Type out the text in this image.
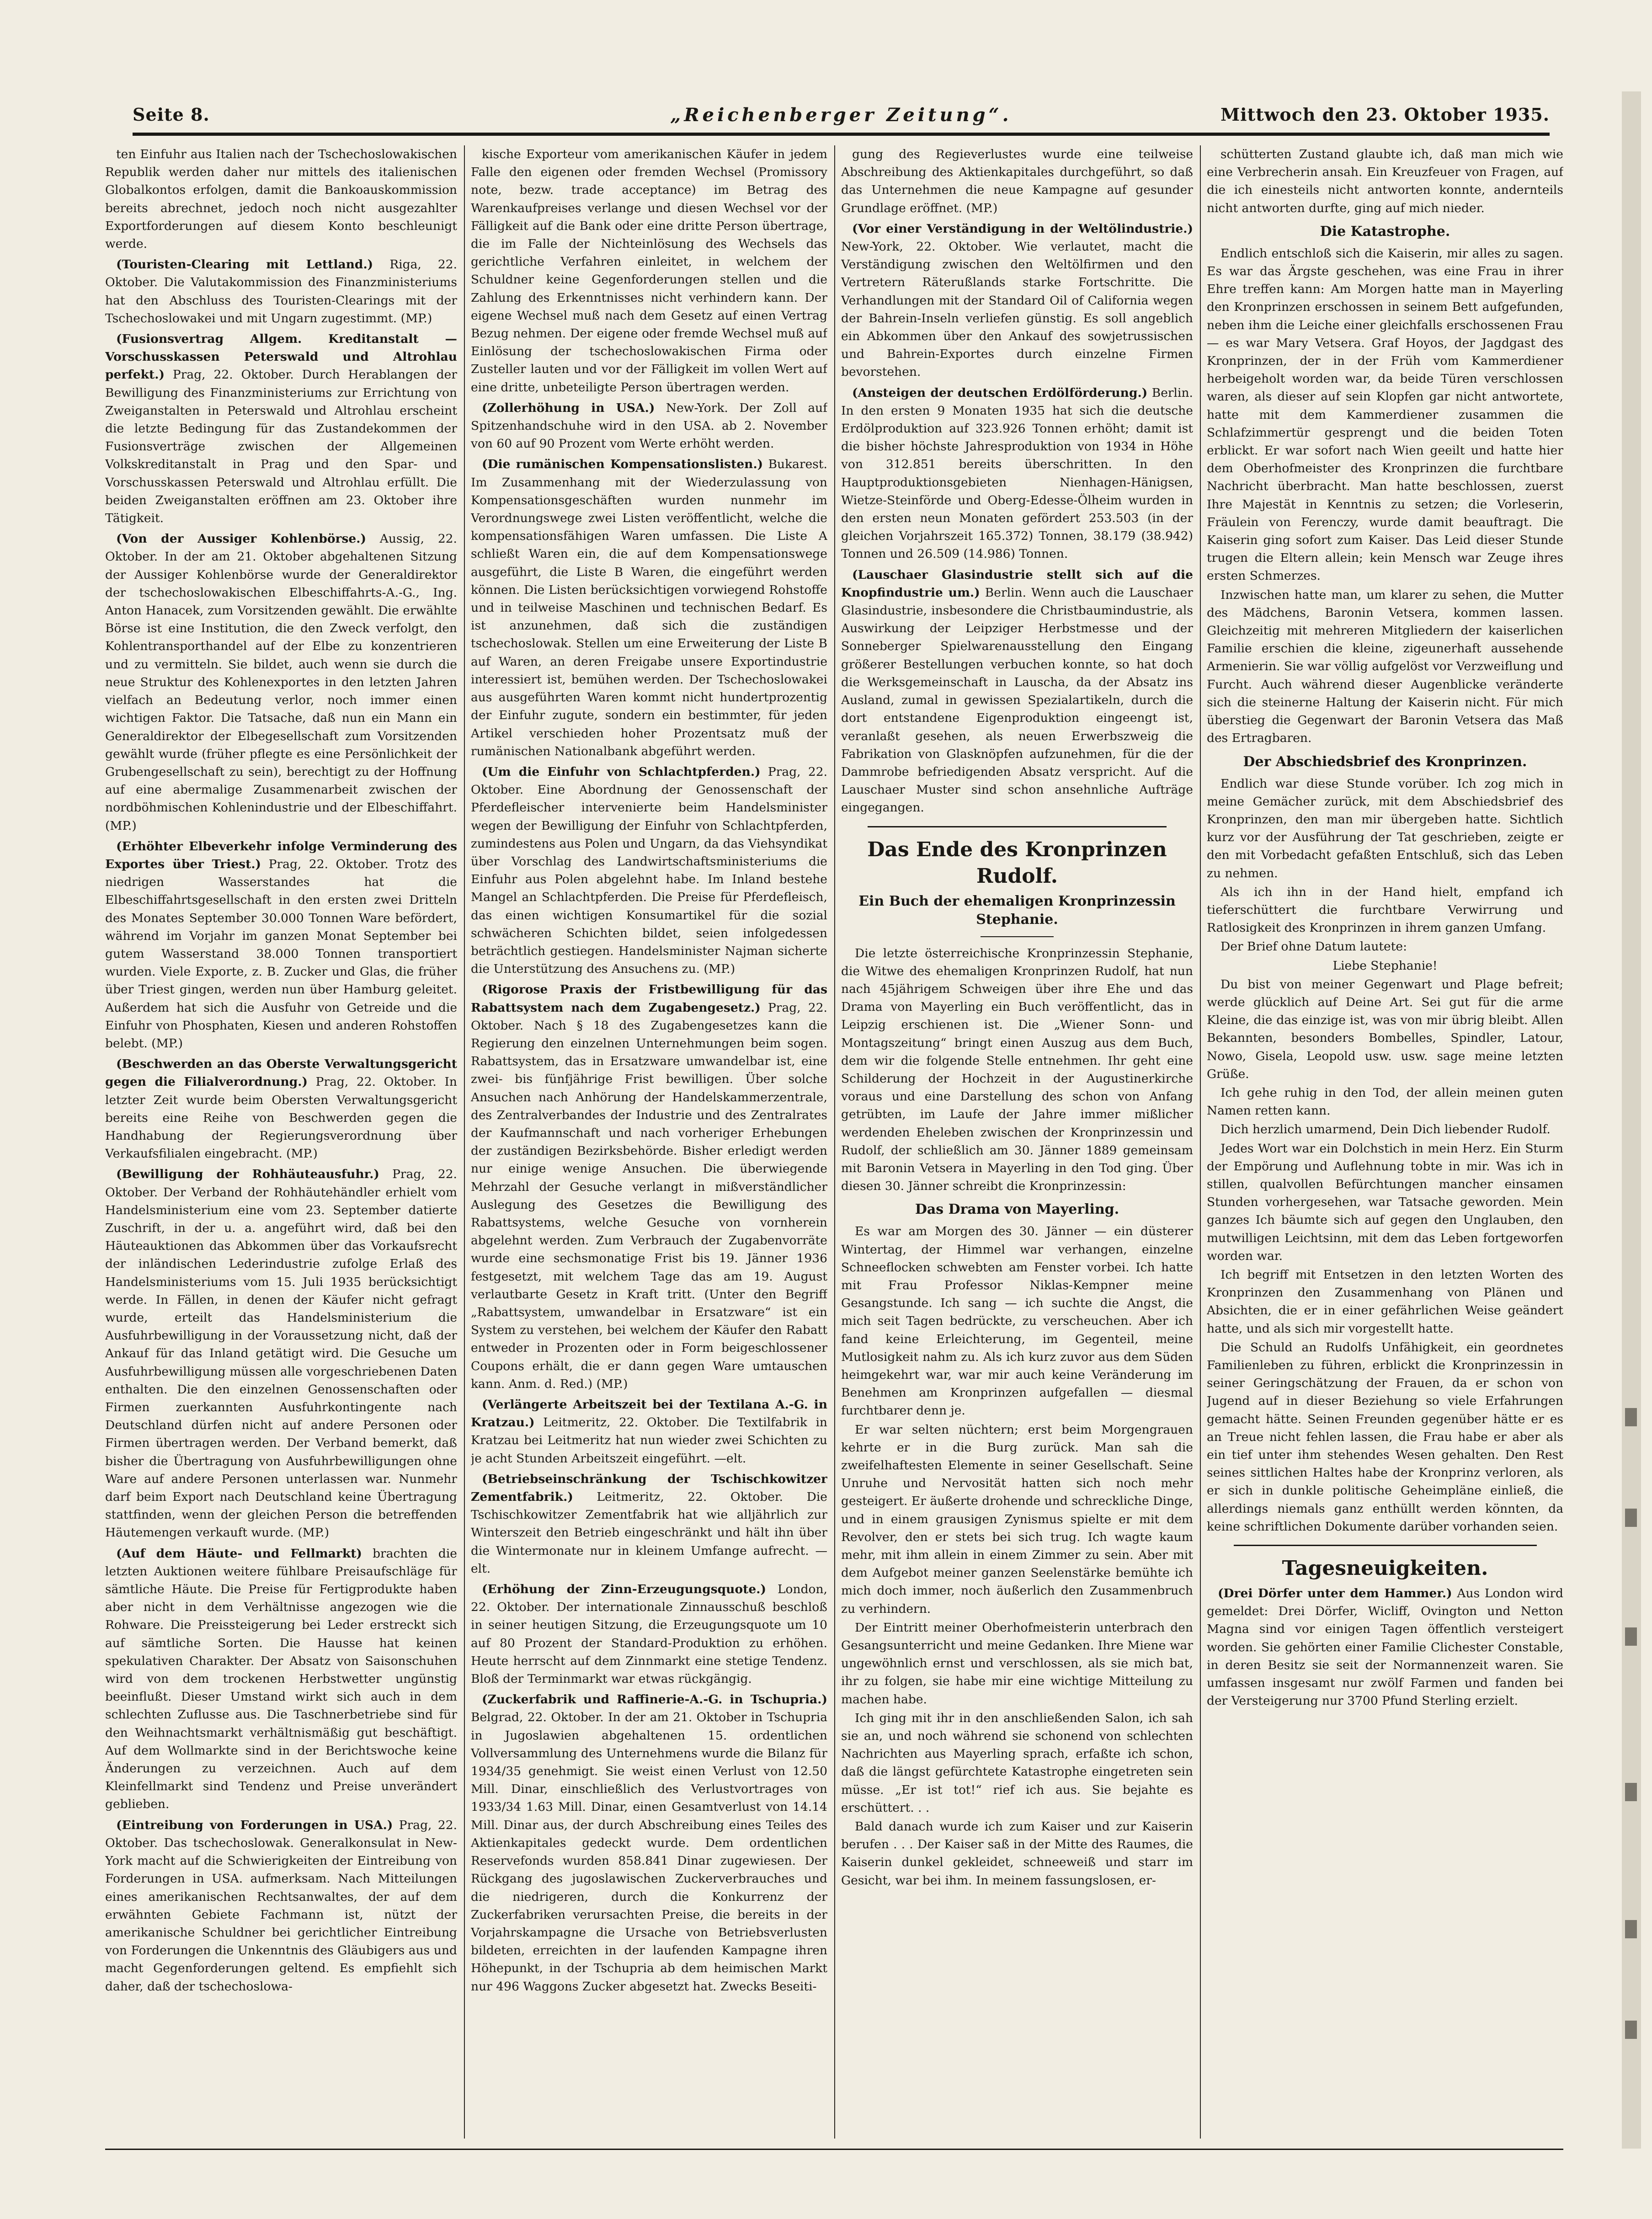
Seite 8.	„Reichenberger Zeitung“.	Mittwoch den 23. Oktober 1935.

ten Einfuhr aus Italien nach der Tschechoslowakischen Republik werden daher nur mittels des italienischen Globalkontos erfolgen, damit die Bankoauskommission bereits abrechnet, jedoch noch nicht ausgezahlter Exportforderungen auf diesem Konto beschleunigt werde.

(Touristen-Clearing mit Lettland.) Riga, 22. Oktober. Die Valutakommission des Finanzministeriums hat den Abschluss des Touristen-Clearings mit der Tschechoslowakei und mit Ungarn zugestimmt. (MP.)

(Fusionsvertrag Allgem. Kreditanstalt — Vorschusskassen Peterswald und Altrohlau perfekt.) Prag, 22. Oktober. Durch Herablangen der Bewilligung des Finanzministeriums zur Errichtung von Zweiganstalten in Peterswald und Altrohlau erscheint die letzte Bedingung für das Zustandekommen der Fusionsverträge zwischen der Allgemeinen Volkskreditanstalt in Prag und den Spar- und Vorschusskassen Peterswald und Altrohlau erfüllt. Die beiden Zweiganstalten eröffnen am 23. Oktober ihre Tätigkeit.

(Von der Aussiger Kohlenbörse.) Aussig, 22. Oktober. In der am 21. Oktober abgehaltenen Sitzung der Aussiger Kohlenbörse wurde der Generaldirektor der tschechoslowakischen Elbeschiffahrts-A.-G., Ing. Anton Hanacek, zum Vorsitzenden gewählt. Die erwählte Börse ist eine Institution, die den Zweck verfolgt, den Kohlentransporthandel auf der Elbe zu konzentrieren und zu vermitteln. Sie bildet, auch wenn sie durch die neue Struktur des Kohlenexportes in den letzten Jahren vielfach an Bedeutung verlor, noch immer einen wichtigen Faktor. Die Tatsache, daß nun ein Mann ein Generaldirektor der Elbegesellschaft zum Vorsitzenden gewählt wurde (früher pflegte es eine Persönlichkeit der Grubengesellschaft zu sein), berechtigt zu der Hoffnung auf eine abermalige Zusammenarbeit zwischen der nordböhmischen Kohlenindustrie und der Elbeschiffahrt. (MP.)

(Erhöhter Elbeverkehr infolge Verminderung des Exportes über Triest.) Prag, 22. Oktober. Trotz des niedrigen Wasserstandes hat die Elbeschiffahrtsgesellschaft in den ersten zwei Dritteln des Monates September 30.000 Tonnen Ware befördert, während im Vorjahr im ganzen Monat September bei gutem Wasserstand 38.000 Tonnen transportiert wurden. Viele Exporte, z. B. Zucker und Glas, die früher über Triest gingen, werden nun über Hamburg geleitet. Außerdem hat sich die Ausfuhr von Getreide und die Einfuhr von Phosphaten, Kiesen und anderen Rohstoffen belebt. (MP.)

(Beschwerden an das Oberste Verwaltungsgericht gegen die Filialverordnung.) Prag, 22. Oktober. In letzter Zeit wurde beim Obersten Verwaltungsgericht bereits eine Reihe von Beschwerden gegen die Handhabung der Regierungsverordnung über Verkaufsfilialen eingebracht. (MP.)

(Bewilligung der Rohhäuteausfuhr.) Prag, 22. Oktober. Der Verband der Rohhäutehändler erhielt vom Handelsministerium eine vom 23. September datierte Zuschrift, in der u. a. angeführt wird, daß bei den Häuteauktionen das Abkommen über das Vorkaufsrecht der inländischen Lederindustrie zufolge Erlaß des Handelsministeriums vom 15. Juli 1935 berücksichtigt werde. In Fällen, in denen der Käufer nicht gefragt wurde, erteilt das Handelsministerium die Ausfuhrbewilligung in der Voraussetzung nicht, daß der Ankauf für das Inland getätigt wird. Die Gesuche um Ausfuhrbewilligung müssen alle vorgeschriebenen Daten enthalten. Die den einzelnen Genossenschaften oder Firmen zuerkannten Ausfuhrkontingente nach Deutschland dürfen nicht auf andere Personen oder Firmen übertragen werden. Der Verband bemerkt, daß bisher die Übertragung von Ausfuhrbewilligungen ohne Ware auf andere Personen unterlassen war. Nunmehr darf beim Export nach Deutschland keine Übertragung stattfinden, wenn der gleichen Person die betreffenden Häutemengen verkauft wurde. (MP.)

(Auf dem Häute- und Fellmarkt) brachten die letzten Auktionen weitere fühlbare Preisaufschläge für sämtliche Häute. Die Preise für Fertigprodukte haben aber nicht in dem Verhältnisse angezogen wie die Rohware. Die Preissteigerung bei Leder erstreckt sich auf sämtliche Sorten. Die Hausse hat keinen spekulativen Charakter. Der Absatz von Saisonschuhen wird von dem trockenen Herbstwetter ungünstig beeinflußt. Dieser Umstand wirkt sich auch in dem schlechten Zuflusse aus. Die Taschnerbetriebe sind für den Weihnachtsmarkt verhältnismäßig gut beschäftigt. Auf dem Wollmarkte sind in der Berichtswoche keine Änderungen zu verzeichnen. Auch auf dem Kleinfellmarkt sind Tendenz und Preise unverändert geblieben.

(Eintreibung von Forderungen in USA.) Prag, 22. Oktober. Das tschechoslowak. Generalkonsulat in New-York macht auf die Schwierigkeiten der Eintreibung von Forderungen in USA. aufmerksam. Nach Mitteilungen eines amerikanischen Rechtsanwaltes, der auf dem erwähnten Gebiete Fachmann ist, nützt der amerikanische Schuldner bei gerichtlicher Eintreibung von Forderungen die Unkenntnis des Gläubigers aus und macht Gegenforderungen geltend. Es empfiehlt sich daher, daß der tschechoslowa-

kische Exporteur vom amerikanischen Käufer in jedem Falle den eigenen oder fremden Wechsel (Promissory note, bezw. trade acceptance) im Betrag des Warenkaufpreises verlange und diesen Wechsel vor der Fälligkeit auf die Bank oder eine dritte Person übertrage, die im Falle der Nichteinlösung des Wechsels das gerichtliche Verfahren einleitet, in welchem der Schuldner keine Gegenforderungen stellen und die Zahlung des Erkenntnisses nicht verhindern kann. Der eigene Wechsel muß nach dem Gesetz auf einen Vertrag Bezug nehmen. Der eigene oder fremde Wechsel muß auf Einlösung der tschechoslowakischen Firma oder Zusteller lauten und vor der Fälligkeit im vollen Wert auf eine dritte, unbeteiligte Person übertragen werden.

(Zollerhöhung in USA.) New-York. Der Zoll auf Spitzenhandschuhe wird in den USA. ab 2. November von 60 auf 90 Prozent vom Werte erhöht werden.

(Die rumänischen Kompensationslisten.) Bukarest. Im Zusammenhang mit der Wiederzulassung von Kompensationsgeschäften wurden nunmehr im Verordnungswege zwei Listen veröffentlicht, welche die kompensationsfähigen Waren umfassen. Die Liste A schließt Waren ein, die auf dem Kompensationswege ausgeführt, die Liste B Waren, die eingeführt werden können. Die Listen berücksichtigen vorwiegend Rohstoffe und in teilweise Maschinen und technischen Bedarf. Es ist anzunehmen, daß sich die zuständigen tschechoslowak. Stellen um eine Erweiterung der Liste B auf Waren, an deren Freigabe unsere Exportindustrie interessiert ist, bemühen werden. Der Tschechoslowakei aus ausgeführten Waren kommt nicht hundertprozentig der Einfuhr zugute, sondern ein bestimmter, für jeden Artikel verschieden hoher Prozentsatz muß der rumänischen Nationalbank abgeführt werden.

(Um die Einfuhr von Schlachtpferden.) Prag, 22. Oktober. Eine Abordnung der Genossenschaft der Pferdefleischer intervenierte beim Handelsminister wegen der Bewilligung der Einfuhr von Schlachtpferden, zumindestens aus Polen und Ungarn, da das Viehsyndikat über Vorschlag des Landwirtschaftsministeriums die Einfuhr aus Polen abgelehnt habe. Im Inland bestehe Mangel an Schlachtpferden. Die Preise für Pferdefleisch, das einen wichtigen Konsumartikel für die sozial schwächeren Schichten bildet, seien infolgedessen beträchtlich gestiegen. Handelsminister Najman sicherte die Unterstützung des Ansuchens zu. (MP.)

(Rigorose Praxis der Fristbewilligung für das Rabattsystem nach dem Zugabengesetz.) Prag, 22. Oktober. Nach § 18 des Zugabengesetzes kann die Regierung den einzelnen Unternehmungen beim sogen. Rabattsystem, das in Ersatzware umwandelbar ist, eine zwei- bis fünfjährige Frist bewilligen. Über solche Ansuchen nach Anhörung der Handelskammerzentrale, des Zentralverbandes der Industrie und des Zentralrates der Kaufmannschaft und nach vorheriger Erhebungen der zuständigen Bezirksbehörde. Bisher erledigt werden nur einige wenige Ansuchen. Die überwiegende Mehrzahl der Gesuche verlangt in mißverständlicher Auslegung des Gesetzes die Bewilligung des Rabattsystems, welche Gesuche von vornherein abgelehnt werden. Zum Verbrauch der Zugabenvorräte wurde eine sechsmonatige Frist bis 19. Jänner 1936 festgesetzt, mit welchem Tage das am 19. August verlautbarte Gesetz in Kraft tritt. (Unter den Begriff „Rabattsystem, umwandelbar in Ersatzware“ ist ein System zu verstehen, bei welchem der Käufer den Rabatt entweder in Prozenten oder in Form beigeschlossener Coupons erhält, die er dann gegen Ware umtauschen kann. Anm. d. Red.) (MP.)

(Verlängerte Arbeitszeit bei der Textilana A.-G. in Kratzau.) Leitmeritz, 22. Oktober. Die Textilfabrik in Kratzau bei Leitmeritz hat nun wieder zwei Schichten zu je acht Stunden Arbeitszeit eingeführt. —elt.

(Betriebseinschränkung der Tschischkowitzer Zementfabrik.) Leitmeritz, 22. Oktober. Die Tschischkowitzer Zementfabrik hat wie alljährlich zur Winterszeit den Betrieb eingeschränkt und hält ihn über die Wintermonate nur in kleinem Umfange aufrecht. —elt.

(Erhöhung der Zinn-Erzeugungsquote.) London, 22. Oktober. Der internationale Zinnausschuß beschloß in seiner heutigen Sitzung, die Erzeugungsquote um 10 auf 80 Prozent der Standard-Produktion zu erhöhen. Heute herrscht auf dem Zinnmarkt eine stetige Tendenz. Bloß der Terminmarkt war etwas rückgängig.

(Zuckerfabrik und Raffinerie-A.-G. in Tschupria.) Belgrad, 22. Oktober. In der am 21. Oktober in Tschupria in Jugoslawien abgehaltenen 15. ordentlichen Vollversammlung des Unternehmens wurde die Bilanz für 1934/35 genehmigt. Sie weist einen Verlust von 12.50 Mill. Dinar, einschließlich des Verlustvortrages von 1933/34 1.63 Mill. Dinar, einen Gesamtverlust von 14.14 Mill. Dinar aus, der durch Abschreibung eines Teiles des Aktienkapitales gedeckt wurde. Dem ordentlichen Reservefonds wurden 858.841 Dinar zugewiesen. Der Rückgang des jugoslawischen Zuckerverbrauches und die niedrigeren, durch die Konkurrenz der Zuckerfabriken verursachten Preise, die bereits in der Vorjahrskampagne die Ursache von Betriebsverlusten bildeten, erreichten in der laufenden Kampagne ihren Höhepunkt, in der Tschupria ab dem heimischen Markt nur 496 Waggons Zucker abgesetzt hat. Zwecks Beseiti-

gung des Regieverlustes wurde eine teilweise Abschreibung des Aktienkapitales durchgeführt, so daß das Unternehmen die neue Kampagne auf gesunder Grundlage eröffnet. (MP.)

(Vor einer Verständigung in der Weltölindustrie.) New-York, 22. Oktober. Wie verlautet, macht die Verständigung zwischen den Weltölfirmen und den Vertretern Räterußlands starke Fortschritte. Die Verhandlungen mit der Standard Oil of California wegen der Bahrein-Inseln verliefen günstig. Es soll angeblich ein Abkommen über den Ankauf des sowjetrussischen und Bahrein-Exportes durch einzelne Firmen bevorstehen.

(Ansteigen der deutschen Erdölförderung.) Berlin. In den ersten 9 Monaten 1935 hat sich die deutsche Erdölproduktion auf 323.926 Tonnen erhöht; damit ist die bisher höchste Jahresproduktion von 1934 in Höhe von 312.851 bereits überschritten. In den Hauptproduktionsgebieten Nienhagen-Hänigsen, Wietze-Steinförde und Oberg-Edesse-Ölheim wurden in den ersten neun Monaten gefördert 253.503 (in der gleichen Vorjahrszeit 165.372) Tonnen, 38.179 (38.942) Tonnen und 26.509 (14.986) Tonnen.

(Lauschaer Glasindustrie stellt sich auf die Knopfindustrie um.) Berlin. Wenn auch die Lauschaer Glasindustrie, insbesondere die Christbaumindustrie, als Auswirkung der Leipziger Herbstmesse und der Sonneberger Spielwarenausstellung den Eingang größerer Bestellungen verbuchen konnte, so hat doch die Werksgemeinschaft in Lauscha, da der Absatz ins Ausland, zumal in gewissen Spezialartikeln, durch die dort entstandene Eigenproduktion eingeengt ist, veranlaßt gesehen, als neuen Erwerbszweig die Fabrikation von Glasknöpfen aufzunehmen, für die der Dammrobe befriedigenden Absatz verspricht. Auf die Lauschaer Muster sind schon ansehnliche Aufträge eingegangen.

Das Ende des Kronprinzen Rudolf.
Ein Buch der ehemaligen Kronprinzessin Stephanie.

Die letzte österreichische Kronprinzessin Stephanie, die Witwe des ehemaligen Kronprinzen Rudolf, hat nun nach 45jährigem Schweigen über ihre Ehe und das Drama von Mayerling ein Buch veröffentlicht, das in Leipzig erschienen ist. Die „Wiener Sonn- und Montagszeitung“ bringt einen Auszug aus dem Buch, dem wir die folgende Stelle entnehmen. Ihr geht eine Schilderung der Hochzeit in der Augustinerkirche voraus und eine Darstellung des schon von Anfang getrübten, im Laufe der Jahre immer mißlicher werdenden Eheleben zwischen der Kronprinzessin und Rudolf, der schließlich am 30. Jänner 1889 gemeinsam mit Baronin Vetsera in Mayerling in den Tod ging. Über diesen 30. Jänner schreibt die Kronprinzessin:

Das Drama von Mayerling.

Es war am Morgen des 30. Jänner — ein düsterer Wintertag, der Himmel war verhangen, einzelne Schneeflocken schwebten am Fenster vorbei. Ich hatte mit Frau Professor Niklas-Kempner meine Gesangstunde. Ich sang — ich suchte die Angst, die mich seit Tagen bedrückte, zu verscheuchen. Aber ich fand keine Erleichterung, im Gegenteil, meine Mutlosigkeit nahm zu. Als ich kurz zuvor aus dem Süden heimgekehrt war, war mir auch keine Veränderung im Benehmen am Kronprinzen aufgefallen — diesmal furchtbarer denn je.

Er war selten nüchtern; erst beim Morgengrauen kehrte er in die Burg zurück. Man sah die zweifelhaftesten Elemente in seiner Gesellschaft. Seine Unruhe und Nervosität hatten sich noch mehr gesteigert. Er äußerte drohende und schreckliche Dinge, und in einem grausigen Zynismus spielte er mit dem Revolver, den er stets bei sich trug. Ich wagte kaum mehr, mit ihm allein in einem Zimmer zu sein. Aber mit dem Aufgebot meiner ganzen Seelenstärke bemühte ich mich doch immer, noch äußerlich den Zusammenbruch zu verhindern.

Der Eintritt meiner Oberhofmeisterin unterbrach den Gesangsunterricht und meine Gedanken. Ihre Miene war ungewöhnlich ernst und verschlossen, als sie mich bat, ihr zu folgen, sie habe mir eine wichtige Mitteilung zu machen habe.

Ich ging mit ihr in den anschließenden Salon, ich sah sie an, und noch während sie schonend von schlechten Nachrichten aus Mayerling sprach, erfaßte ich schon, daß die längst gefürchtete Katastrophe eingetreten sein müsse. „Er ist tot!“ rief ich aus. Sie bejahte es erschüttert. . .

Bald danach wurde ich zum Kaiser und zur Kaiserin berufen . . . Der Kaiser saß in der Mitte des Raumes, die Kaiserin dunkel gekleidet, schneeweiß und starr im Gesicht, war bei ihm. In meinem fassungslosen, er-

schütterten Zustand glaubte ich, daß man mich wie eine Verbrecherin ansah. Ein Kreuzfeuer von Fragen, auf die ich einesteils nicht antworten konnte, andernteils nicht antworten durfte, ging auf mich nieder.

Die Katastrophe.

Endlich entschloß sich die Kaiserin, mir alles zu sagen. Es war das Ärgste geschehen, was eine Frau in ihrer Ehre treffen kann: Am Morgen hatte man in Mayerling den Kronprinzen erschossen in seinem Bett aufgefunden, neben ihm die Leiche einer gleichfalls erschossenen Frau — es war Mary Vetsera. Graf Hoyos, der Jagdgast des Kronprinzen, der in der Früh vom Kammerdiener herbeigeholt worden war, da beide Türen verschlossen waren, als dieser auf sein Klopfen gar nicht antwortete, hatte mit dem Kammerdiener zusammen die Schlafzimmertür gesprengt und die beiden Toten erblickt. Er war sofort nach Wien geeilt und hatte hier dem Oberhofmeister des Kronprinzen die furchtbare Nachricht überbracht. Man hatte beschlossen, zuerst Ihre Majestät in Kenntnis zu setzen; die Vorleserin, Fräulein von Ferenczy, wurde damit beauftragt. Die Kaiserin ging sofort zum Kaiser. Das Leid dieser Stunde trugen die Eltern allein; kein Mensch war Zeuge ihres ersten Schmerzes.

Inzwischen hatte man, um klarer zu sehen, die Mutter des Mädchens, Baronin Vetsera, kommen lassen. Gleichzeitig mit mehreren Mitgliedern der kaiserlichen Familie erschien die kleine, zigeunerhaft aussehende Armenierin. Sie war völlig aufgelöst vor Verzweiflung und Furcht. Auch während dieser Augenblicke veränderte sich die steinerne Haltung der Kaiserin nicht. Für mich überstieg die Gegenwart der Baronin Vetsera das Maß des Ertragbaren.

Der Abschiedsbrief des Kronprinzen.

Endlich war diese Stunde vorüber. Ich zog mich in meine Gemächer zurück, mit dem Abschiedsbrief des Kronprinzen, den man mir übergeben hatte. Sichtlich kurz vor der Ausführung der Tat geschrieben, zeigte er den mit Vorbedacht gefaßten Entschluß, sich das Leben zu nehmen.

Als ich ihn in der Hand hielt, empfand ich tieferschüttert die furchtbare Verwirrung und Ratlosigkeit des Kronprinzen in ihrem ganzen Umfang.

Der Brief ohne Datum lautete:

Liebe Stephanie!

Du bist von meiner Gegenwart und Plage befreit; werde glücklich auf Deine Art. Sei gut für die arme Kleine, die das einzige ist, was von mir übrig bleibt. Allen Bekannten, besonders Bombelles, Spindler, Latour, Nowo, Gisela, Leopold usw. usw. sage meine letzten Grüße.

Ich gehe ruhig in den Tod, der allein meinen guten Namen retten kann.

Dich herzlich umarmend, Dein Dich liebender Rudolf.

Jedes Wort war ein Dolchstich in mein Herz. Ein Sturm der Empörung und Auflehnung tobte in mir. Was ich in stillen, qualvollen Befürchtungen mancher einsamen Stunden vorhergesehen, war Tatsache geworden. Mein ganzes Ich bäumte sich auf gegen den Unglauben, den mutwilligen Leichtsinn, mit dem das Leben fortgeworfen worden war.

Ich begriff mit Entsetzen in den letzten Worten des Kronprinzen den Zusammenhang von Plänen und Absichten, die er in einer gefährlichen Weise geändert hatte, und als sich mir vorgestellt hatte.

Die Schuld an Rudolfs Unfähigkeit, ein geordnetes Familienleben zu führen, erblickt die Kronprinzessin in seiner Geringschätzung der Frauen, da er schon von Jugend auf in dieser Beziehung so viele Erfahrungen gemacht hätte. Seinen Freunden gegenüber hätte er es an Treue nicht fehlen lassen, die Frau habe er aber als ein tief unter ihm stehendes Wesen gehalten. Den Rest seines sittlichen Haltes habe der Kronprinz verloren, als er sich in dunkle politische Geheimpläne einließ, die allerdings niemals ganz enthüllt werden könnten, da keine schriftlichen Dokumente darüber vorhanden seien.

Tagesneuigkeiten.

(Drei Dörfer unter dem Hammer.) Aus London wird gemeldet: Drei Dörfer, Wicliff, Ovington und Netton Magna sind vor einigen Tagen öffentlich versteigert worden. Sie gehörten einer Familie Clichester Constable, in deren Besitz sie seit der Normannenzeit waren. Sie umfassen insgesamt nur zwölf Farmen und fanden bei der Versteigerung nur 3700 Pfund Sterling erzielt.
